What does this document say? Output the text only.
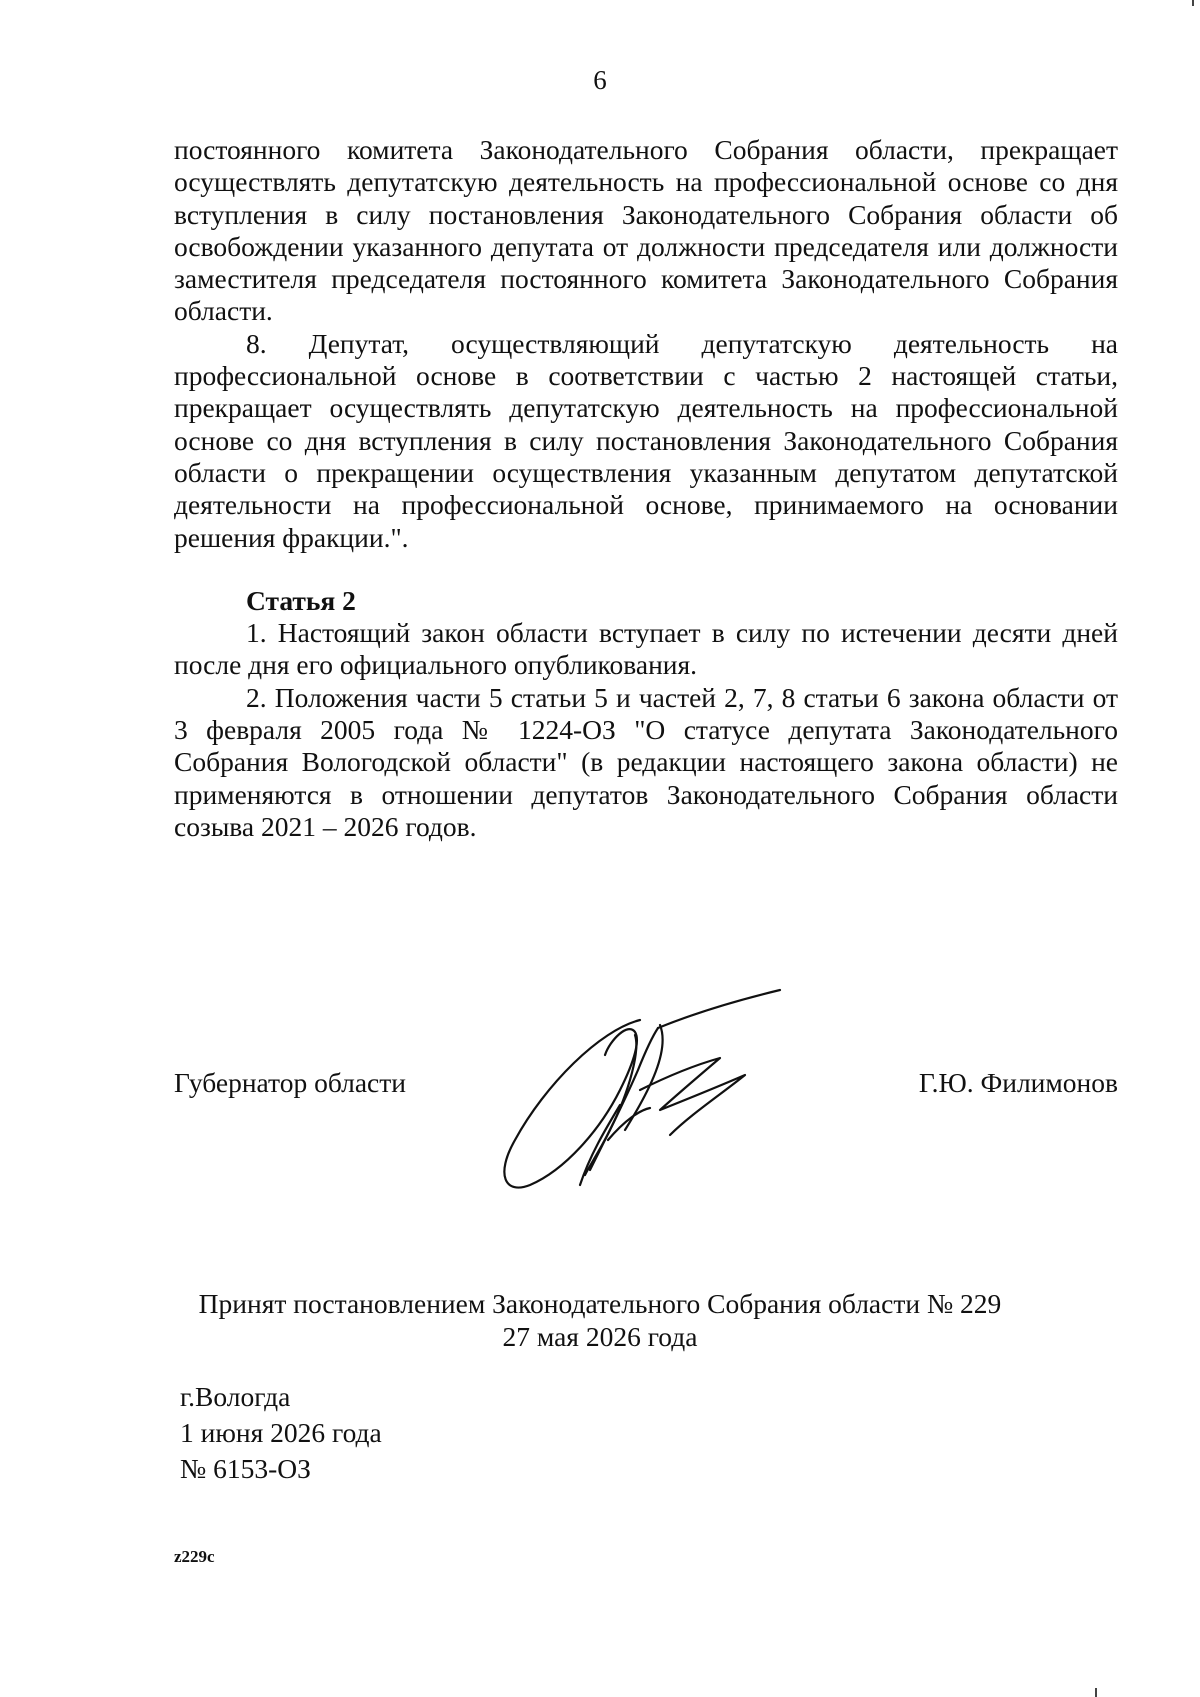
6

постоянного комитета Законодательного Собрания области, прекращает осуществлять депутатскую деятельность на профессиональной основе со дня вступления в силу постановления Законодательного Собрания области об освобождении указанного депутата от должности председателя или должности заместителя председателя постоянного комитета Законодательного Собрания области.

8. Депутат, осуществляющий депутатскую деятельность на профессиональной основе в соответствии с частью 2 настоящей статьи, прекращает осуществлять депутатскую деятельность на профессиональной основе со дня вступления в силу постановления Законодательного Собрания области о прекращении осуществления указанным депутатом депутатской деятельности на профессиональной основе, принимаемого на основании решения фракции.".

Статья 2

1. Настоящий закон области вступает в силу по истечении десяти дней после дня его официального опубликования.

2. Положения части 5 статьи 5 и частей 2, 7, 8 статьи 6 закона области от 3 февраля 2005 года № 1224-ОЗ "О статусе депутата Законодательного Собрания Вологодской области" (в редакции настоящего закона области) не применяются в отношении депутатов Законодательного Собрания области созыва 2021 – 2026 годов.

Губернатор области	Г.Ю. Филимонов
Принят постановлением Законодательного Собрания области № 229
27 мая 2026 года
г.Вологда
1 июня 2026 года
№ 6153-ОЗ
z229c
